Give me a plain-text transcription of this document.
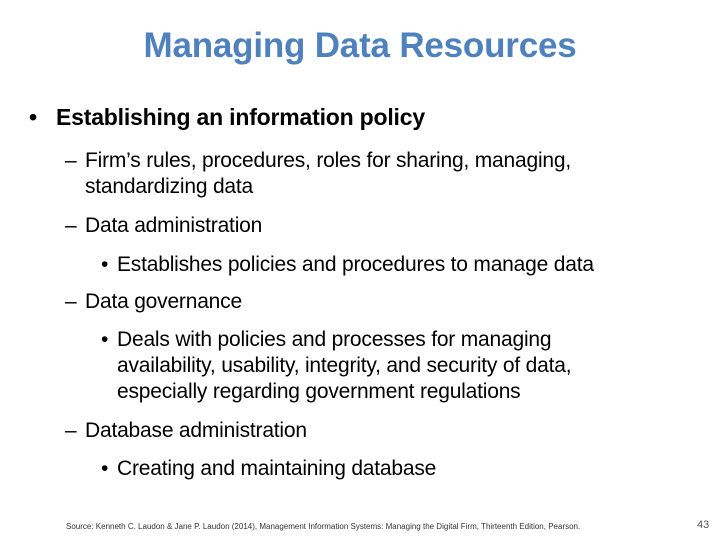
Managing Data Resources
• Establishing an information policy
– Firm’s rules, procedures, roles for sharing, managing,
standardizing data
– Data administration
• Establishes policies and procedures to manage data
– Data governance
• Deals with policies and processes for managing
availability, usability, integrity, and security of data,
especially regarding government regulations
– Database administration
• Creating and maintaining database
Source: Kenneth C. Laudon & Jane P. Laudon (2014), Management Information Systems: Managing the Digital Firm, Thirteenth Edition, Pearson.	43
